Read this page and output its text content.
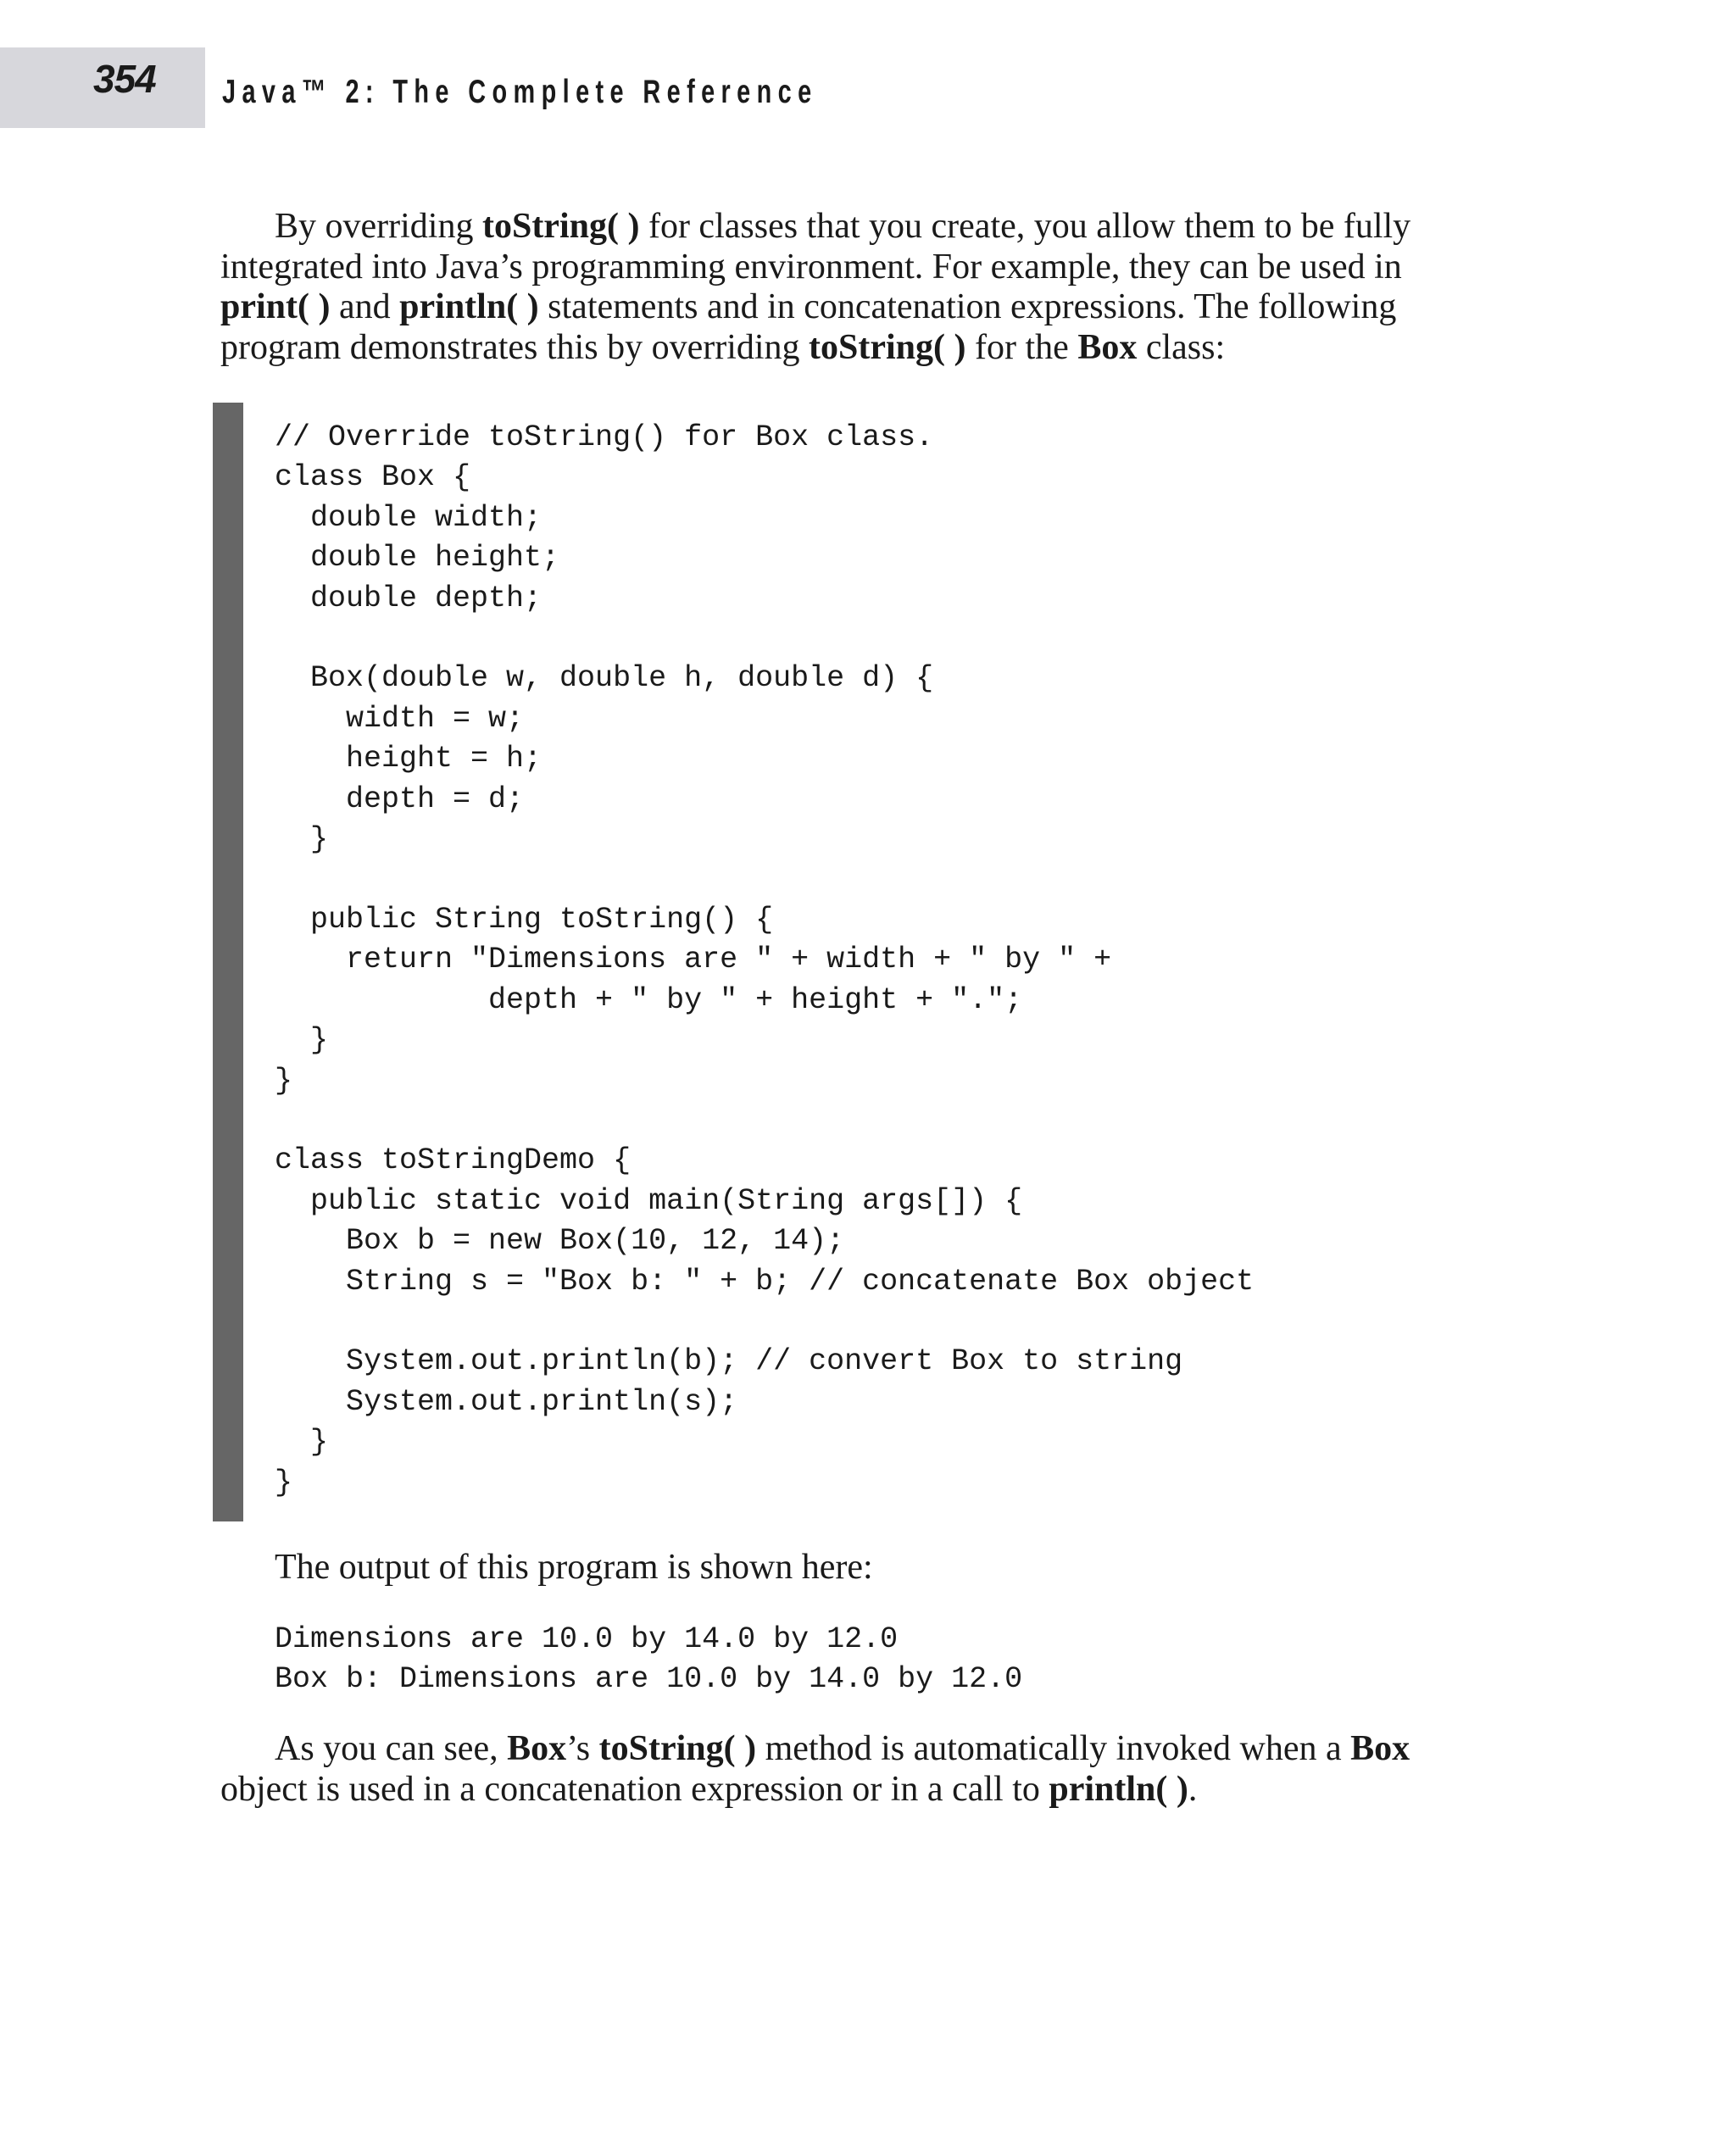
354 Java™ 2: The Complete Reference

By overriding toString( ) for classes that you create, you allow them to be fully integrated into Java’s programming environment. For example, they can be used in print( ) and println( ) statements and in concatenation expressions. The following program demonstrates this by overriding toString( ) for the Box class:

// Override toString() for Box class.
class Box {
double width;
double height;
double depth;

Box(double w, double h, double d) {
width = w;
height = h;
depth = d;
}

public String toString() {
return "Dimensions are " + width + " by " +
depth + " by " + height + ".";
}
}

class toStringDemo {
public static void main(String args[]) {
Box b = new Box(10, 12, 14);
String s = "Box b: " + b; // concatenate Box object

System.out.println(b); // convert Box to string
System.out.println(s);
}
}

The output of this program is shown here:

Dimensions are 10.0 by 14.0 by 12.0
Box b: Dimensions are 10.0 by 14.0 by 12.0

As you can see, Box’s toString( ) method is automatically invoked when a Box object is used in a concatenation expression or in a call to println( ).
